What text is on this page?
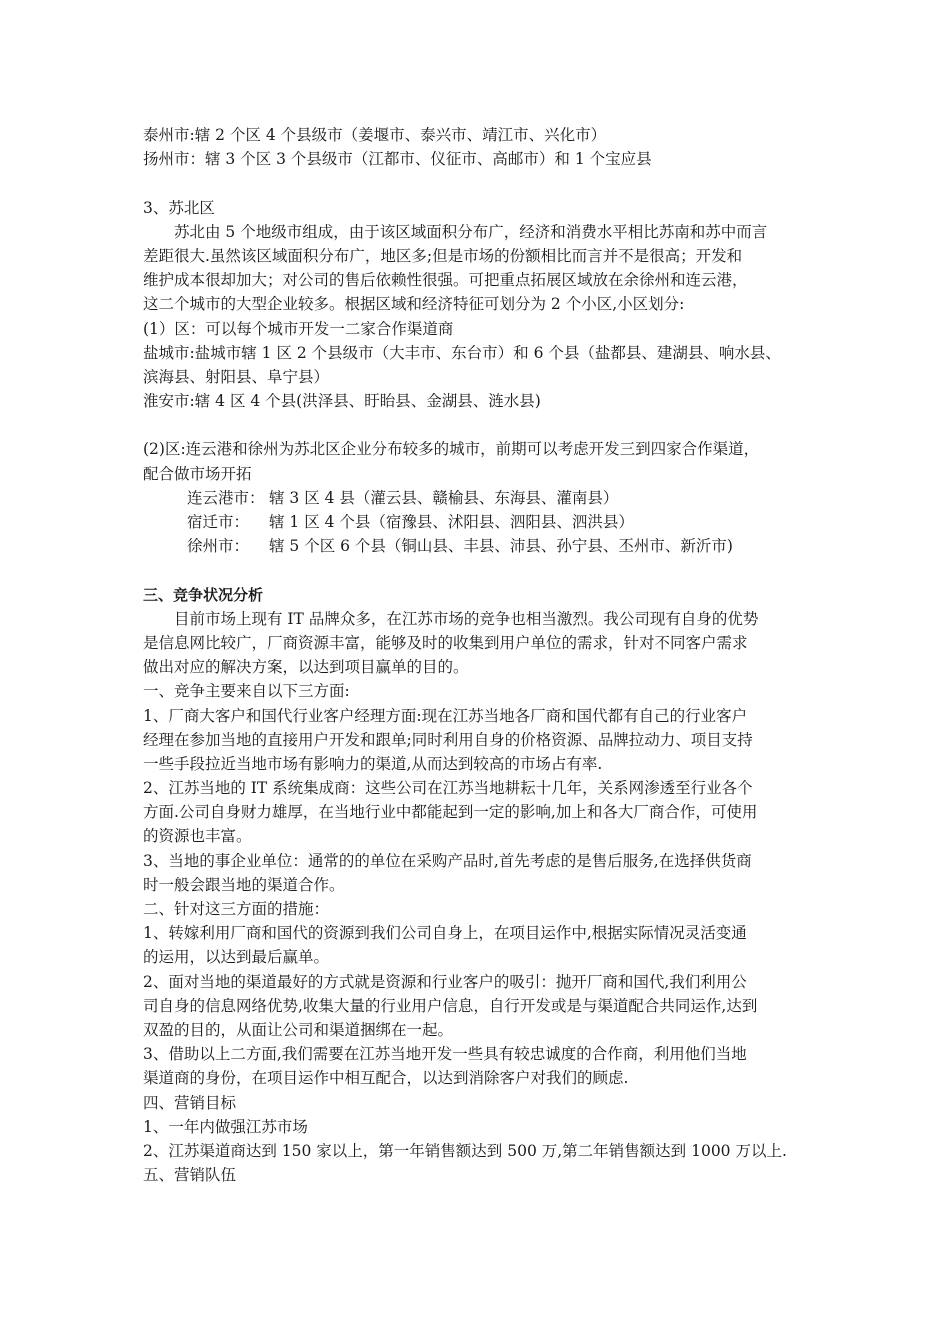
泰州市:辖 2 个区 4 个县级市（姜堰市、泰兴市、靖江市、兴化市）
扬州市：辖 3 个区 3 个县级市（江都市、仪征市、高邮市）和 1 个宝应县
3、苏北区
苏北由 5 个地级市组成，由于该区域面积分布广，经济和消费水平相比苏南和苏中而言
差距很大.虽然该区域面积分布广，地区多;但是市场的份额相比而言并不是很高；开发和
维护成本很却加大；对公司的售后依赖性很强。可把重点拓展区域放在余徐州和连云港，
这二个城市的大型企业较多。根据区域和经济特征可划分为 2 个小区,小区划分:
(1）区：可以每个城市开发一二家合作渠道商
盐城市:盐城市辖 1 区 2 个县级市（大丰市、东台市）和 6 个县（盐都县、建湖县、响水县、
滨海县、射阳县、阜宁县）
淮安市:辖 4 区 4 个县(洪泽县、盱眙县、金湖县、涟水县)
(2)区:连云港和徐州为苏北区企业分布较多的城市，前期可以考虑开发三到四家合作渠道，
配合做市场开拓
连云港市： 辖 3 区 4 县（灌云县、赣榆县、东海县、灌南县）
宿迁市： 辖 1 区 4 个县（宿豫县、沭阳县、泗阳县、泗洪县）
徐州市： 辖 5 个区 6 个县（铜山县、丰县、沛县、孙宁县、丕州市、新沂市)
三、竞争状况分析
目前市场上现有 IT 品牌众多，在江苏市场的竞争也相当激烈。我公司现有自身的优势
是信息网比较广，厂商资源丰富，能够及时的收集到用户单位的需求，针对不同客户需求
做出对应的解决方案，以达到项目赢单的目的。
一、竞争主要来自以下三方面:
1、厂商大客户和国代行业客户经理方面:现在江苏当地各厂商和国代都有自己的行业客户
经理在参加当地的直接用户开发和跟单;同时利用自身的价格资源、品牌拉动力、项目支持
一些手段拉近当地市场有影响力的渠道,从而达到较高的市场占有率.
2、江苏当地的 IT 系统集成商：这些公司在江苏当地耕耘十几年，关系网渗透至行业各个
方面.公司自身财力雄厚，在当地行业中都能起到一定的影响,加上和各大厂商合作，可使用
的资源也丰富。
3、当地的事企业单位：通常的的单位在采购产品时,首先考虑的是售后服务,在选择供货商
时一般会跟当地的渠道合作。
二、针对这三方面的措施：
1、转嫁利用厂商和国代的资源到我们公司自身上，在项目运作中,根据实际情况灵活变通
的运用，以达到最后赢单。
2、面对当地的渠道最好的方式就是资源和行业客户的吸引：抛开厂商和国代,我们利用公
司自身的信息网络优势,收集大量的行业用户信息，自行开发或是与渠道配合共同运作,达到
双盈的目的，从面让公司和渠道捆绑在一起。
3、借助以上二方面,我们需要在江苏当地开发一些具有较忠诚度的合作商，利用他们当地
渠道商的身份，在项目运作中相互配合，以达到消除客户对我们的顾虑.
四、营销目标
1、一年内做强江苏市场
2、江苏渠道商达到 150 家以上，第一年销售额达到 500 万,第二年销售额达到 1000 万以上.
五、营销队伍
